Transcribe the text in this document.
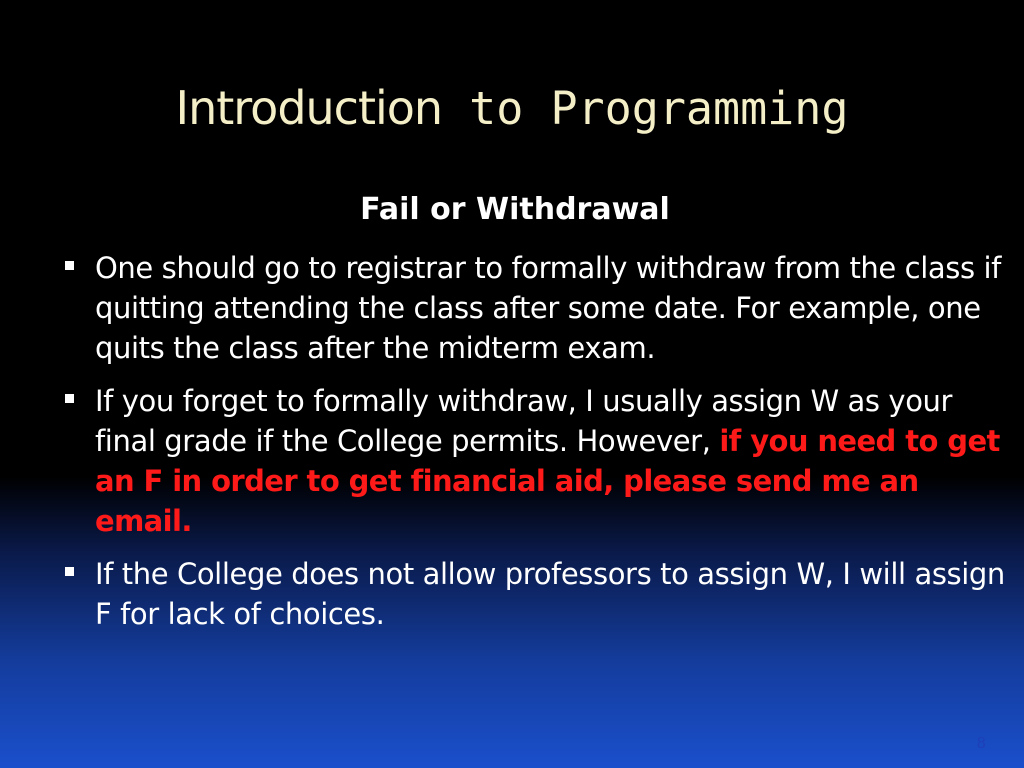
Introduction to Programming
Fail or Withdrawal
One should go to registrar to formally withdraw from the class if quitting attending the class after some date. For example, one quits the class after the midterm exam.
If you forget to formally withdraw, I usually assign W as your final grade if the College permits. However, if you need to get an F in order to get financial aid, please send me an email.
If the College does not allow professors to assign W, I will assign F for lack of choices.
8
